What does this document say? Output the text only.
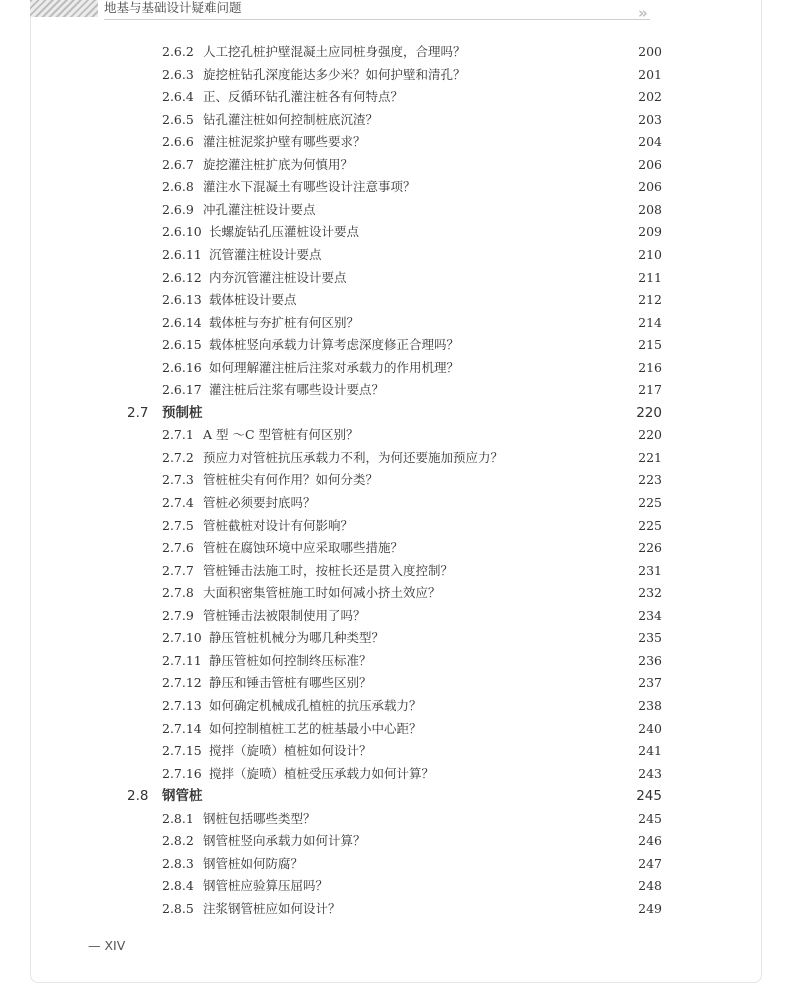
地基与基础设计疑难问题	»
2.6.2 人工挖孔桩护壁混凝土应同桩身强度，合理吗？	200
2.6.3 旋挖桩钻孔深度能达多少米？如何护壁和清孔？	201
2.6.4 正、反循环钻孔灌注桩各有何特点？	202
2.6.5 钻孔灌注桩如何控制桩底沉渣？	203
2.6.6 灌注桩泥浆护壁有哪些要求？	204
2.6.7 旋挖灌注桩扩底为何慎用？	206
2.6.8 灌注水下混凝土有哪些设计注意事项？	206
2.6.9 冲孔灌注桩设计要点	208
2.6.10 长螺旋钻孔压灌桩设计要点	209
2.6.11 沉管灌注桩设计要点	210
2.6.12 内夯沉管灌注桩设计要点	211
2.6.13 载体桩设计要点	212
2.6.14 载体桩与夯扩桩有何区别？	214
2.6.15 载体桩竖向承载力计算考虑深度修正合理吗？	215
2.6.16 如何理解灌注桩后注浆对承载力的作用机理？	216
2.6.17 灌注桩后注浆有哪些设计要点？	217
2.7 预制桩	220
2.7.1 A 型 ～C 型管桩有何区别？	220
2.7.2 预应力对管桩抗压承载力不利，为何还要施加预应力？	221
2.7.3 管桩桩尖有何作用？如何分类？	223
2.7.4 管桩必须要封底吗？	225
2.7.5 管桩截桩对设计有何影响？	225
2.7.6 管桩在腐蚀环境中应采取哪些措施？	226
2.7.7 管桩锤击法施工时，按桩长还是贯入度控制？	231
2.7.8 大面积密集管桩施工时如何减小挤土效应？	232
2.7.9 管桩锤击法被限制使用了吗？	234
2.7.10 静压管桩机械分为哪几种类型？	235
2.7.11 静压管桩如何控制终压标准？	236
2.7.12 静压和锤击管桩有哪些区别？	237
2.7.13 如何确定机械成孔植桩的抗压承载力？	238
2.7.14 如何控制植桩工艺的桩基最小中心距？	240
2.7.15 搅拌（旋喷）植桩如何设计？	241
2.7.16 搅拌（旋喷）植桩受压承载力如何计算？	243
2.8 钢管桩	245
2.8.1 钢桩包括哪些类型？	245
2.8.2 钢管桩竖向承载力如何计算？	246
2.8.3 钢管桩如何防腐？	247
2.8.4 钢管桩应验算压屈吗？	248
2.8.5 注浆钢管桩应如何设计？	249
— XIV
